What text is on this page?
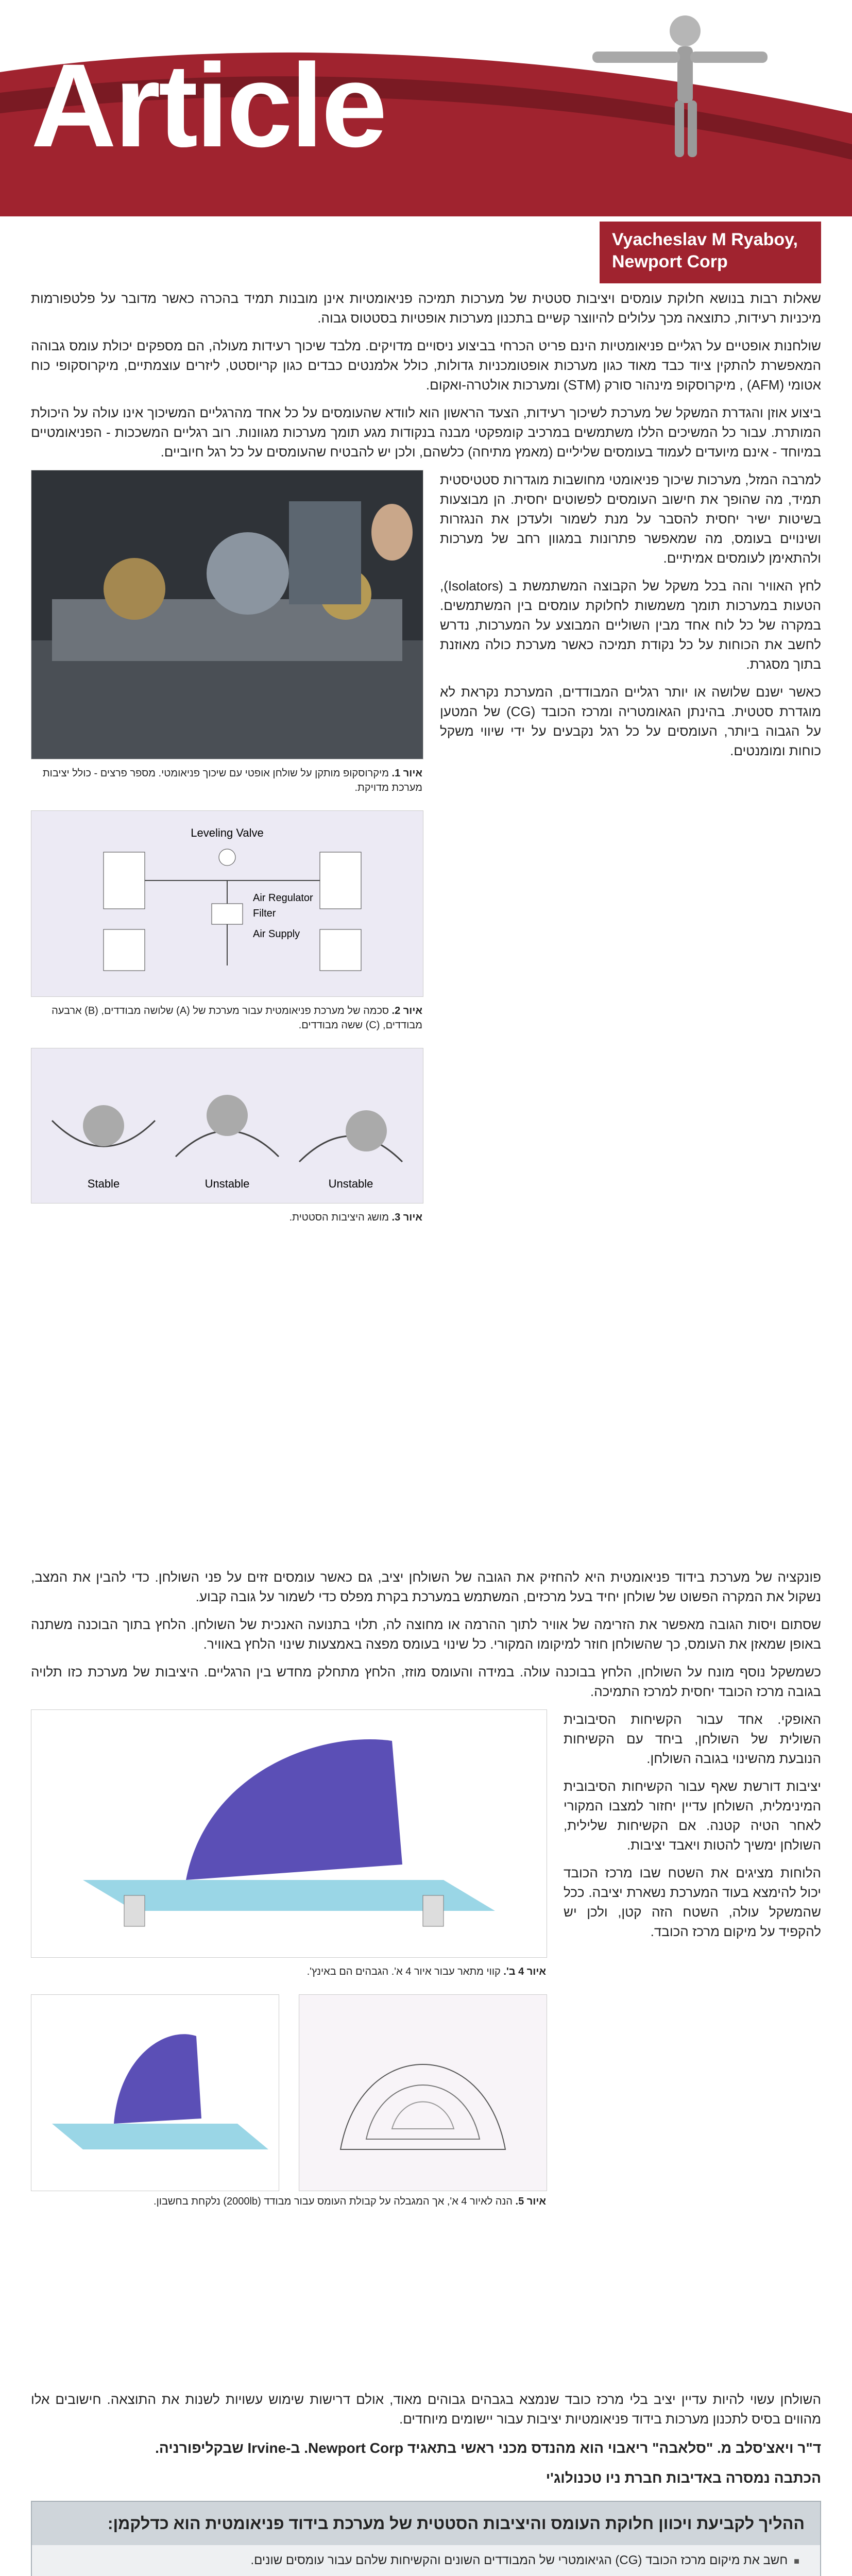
Article
Vyacheslav M Ryaboy,
Newport Corp

שאלות רבות בנושא חלוקת עומסים ויציבות סטטית של מערכות תמיכה פניאומטיות אינן מובנות תמיד בהכרה כאשר מדובר על פלטפורמות מיכניות רעידות, כתוצאה מכך עלולים להיווצר קשיים בתכנון מערכות אופטיות בסטטוס גבוה.

שולחנות אופטיים על רגליים פניאומטיות הינם פריט הכרחי בביצוע ניסויים מדויקים. מלבד שיכוך רעידות מעולה, הם מספקים יכולת עומס גבוהה המאפשרת להתקין ציוד כבד מאוד כגון מערכות אופטומכניות גדולות, כולל אלמנטים כבדים כגון קריוסטט, ליזרים עוצמתיים, מיקרוסקופי כוח אטומי (AFM) , מיקרוסקופ מינהור סורק (STM) ומערכות אולטרה-ואקום.

ביצוע אוזן והגדרת המשקל של מערכת לשיכוך רעידות, הצעד הראשון הוא לוודא שהעומסים על כל אחד מהרגליים המשיכוך אינו עולה על היכולת המותרת. עבור כל המשיכים הללו משתמשים במרכיב קומפקטי מבנה בנקודות מגע תומך מערכות מגוונות. רוב רגליים המשככות - הפניאומטיים במיוחד - אינם מיועדים לעמוד בעומסים שליליים (מאמץ מתיחה) כלשהם, ולכן יש להבטיח שהעומסים על כל רגל חיוביים.

איור 1. מיקרוסקופ מותקן על שולחן אופטי עם שיכוך פניאומטי. מספר פרצים - כולל יציבות מערכת מדויקת.
Leveling Valve
Air Regulator
Filter
Air Supply
איור 2. סכמה של מערכת פניאומטית עבור מערכת של (A) שלושה מבודדים, (B) ארבעה מבודדים, (C) ששה מבודדים.
Stable	Unstable	Unstable
איור 3. מושג היציבות הסטטית.

למרבה המזל, מערכות שיכוך פניאומטי מחושבות מוגדרות סטטיסטית תמיד, מה שהופך את חישוב העומסים לפשוטים יחסית. הן מבוצעות בשיטות ישיר יחסית להסבר על מנת לשמור ולעדכן את הנגזרות ושינויים בעומס, מה שמאפשר פתרונות במגוון רחב של מערכות ולהתאימן לעומסים אמיתיים.

לחץ האוויר והה בכל משקל של הקבוצה המשתמשת ב (Isolators), הטעות במערכות תומך משמשות לחלוקת עומסים בין המשתמשים. במקרה של כל לוח אחד מבין השוליים המבוצע על המערכות, נדרש לחשב את הכוחות על כל נקודת תמיכה כאשר מערכת כולה מאוזנת בתוך מסגרת.

כאשר ישנם שלושה או יותר רגליים המבודדים, המערכת נקראת לא מוגדרת סטטית. בהינתן הגאומטריה ומרכז הכובד (CG) של המטען על הגבוה ביותר, העומסים על כל רגל נקבעים על ידי שיווי משקל כוחות ומומנטים.

פונקציה של מערכת בידוד פניאומטית היא להחזיק את הגובה של השולחן יציב, גם כאשר עומסים זזים על פני השולחן. כדי להבין את המצב, נשקול את המקרה הפשוט של שולחן יחיד בעל מרכזים, המשתמש במערכת בקרת מפלס כדי לשמור על גובה קבוע.

שסתום ויסות הגובה מאפשר את הזרימה של אוויר לתוך ההרמה או מחוצה לה, תלוי בתנועה האנכית של השולחן. הלחץ בתוך הבוכנה משתנה באופן שמאזן את העומס, כך שהשולחן חוזר למיקומו המקורי. כל שינוי בעומס מפצה באמצעות שינוי הלחץ באוויר.

כשמשקל נוסף מונח על השולחן, הלחץ בבוכנה עולה. במידה והעומס מוזז, הלחץ מתחלק מחדש בין הרגליים. היציבות של מערכת כזו תלויה בגובה מרכז הכובד יחסית למרכז התמיכה.

איור 4 ב'. קווי מתאר עבור איור 4 א'. הגבהים הם באינץ'.
איור 5. הנה לאיור 4 א', אך המגבלה על קבולת העומס עבור מבודד (2000lb) נלקחת בחשבון.

האופקי. אחד עבור הקשיחות הסיבובית השולית של השולחן, ביחד עם הקשיחות הנובעת מהשינוי בגובה השולחן.

יציבות דורשת שאף עבור הקשיחות הסיבובית המינימלית, השולחן עדיין יחזור למצבו המקורי לאחר הטיה קטנה. אם הקשיחות שלילית, השולחן ימשיך להטות ויאבד יציבות.

הלוחות מציגים את השטח שבו מרכז הכובד יכול להימצא בעוד המערכת נשארת יציבה. ככל שהמשקל עולה, השטח הזה קטן, ולכן יש להקפיד על מיקום מרכז הכובד.

השולחן עשוי להיות עדיין יציב בלי מרכז כובד שנמצא בגבהים גבוהים מאוד, אולם דרישות שימוש עשויות לשנות את התוצאה. חישובים אלו מהווים בסיס לתכנון מערכות בידוד פניאומטיות יציבות עבור יישומים מיוחדים.

ד"ר ויאצ'סלב מ. "סלאבה" ריאבוי הוא מהנדס מכני ראשי בתאגיד Newport Corp. ב-Irvine שבקליפורניה.
הכתבה נמסרה באדיבות חברת ניו טכנולוג'י
ההליך לקביעת ויכוון חלוקת העומס והיציבות הסטטית של מערכת בידוד פניאומטית הוא כדלקמן:
■ חשב את מיקום מרכז הכובד (CG) הגיאומטרי של המבודדים השונים והקשיחות שלהם עבור עומסים שונים.
■
